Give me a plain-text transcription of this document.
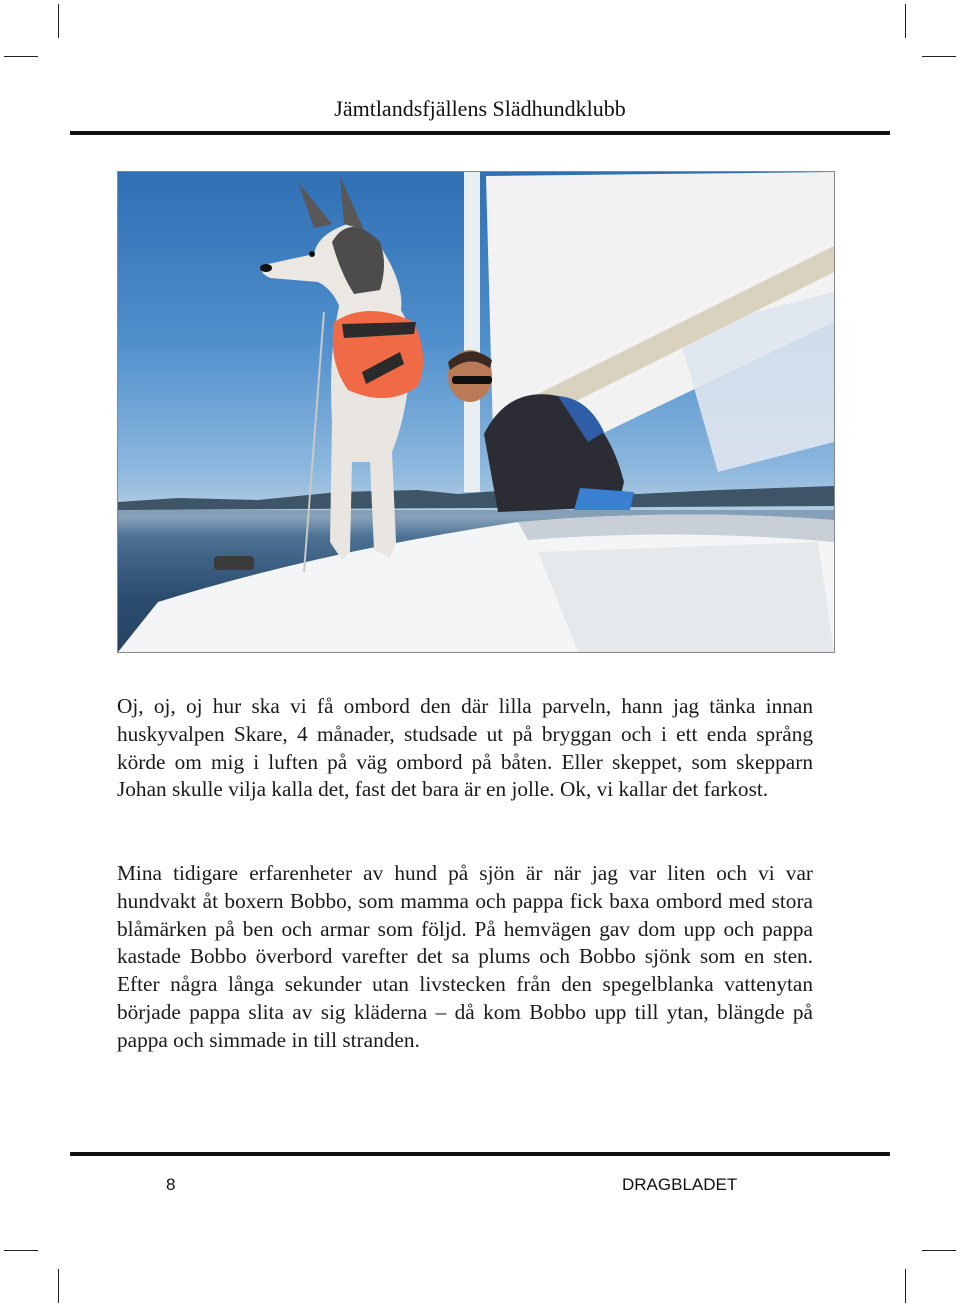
Jämtlandsfjällens Slädhundklubb
Oj, oj, oj hur ska vi få ombord den där lilla parveln, hann jag tänka innan huskyvalpen Skare, 4 månader, studsade ut på bryggan och i ett enda språng körde om mig i luften på väg ombord på båten. Eller skeppet, som skepparn Johan skulle vilja kalla det, fast det bara är en jolle. Ok, vi kallar det farkost.
Mina tidigare erfarenheter av hund på sjön är när jag var liten och vi var hundvakt åt boxern Bobbo, som mamma och pappa fick baxa ombord med stora blåmärken på ben och armar som följd. På hemvägen gav dom upp och pappa kastade Bobbo överbord varefter det sa plums och Bobbo sjönk som en sten. Efter några långa sekunder utan livstecken från den spegelblanka vattenytan började pappa slita av sig kläderna – då kom Bobbo upp till ytan, blängde på pappa och simmade in till stranden.
8	DRAGBLADET
